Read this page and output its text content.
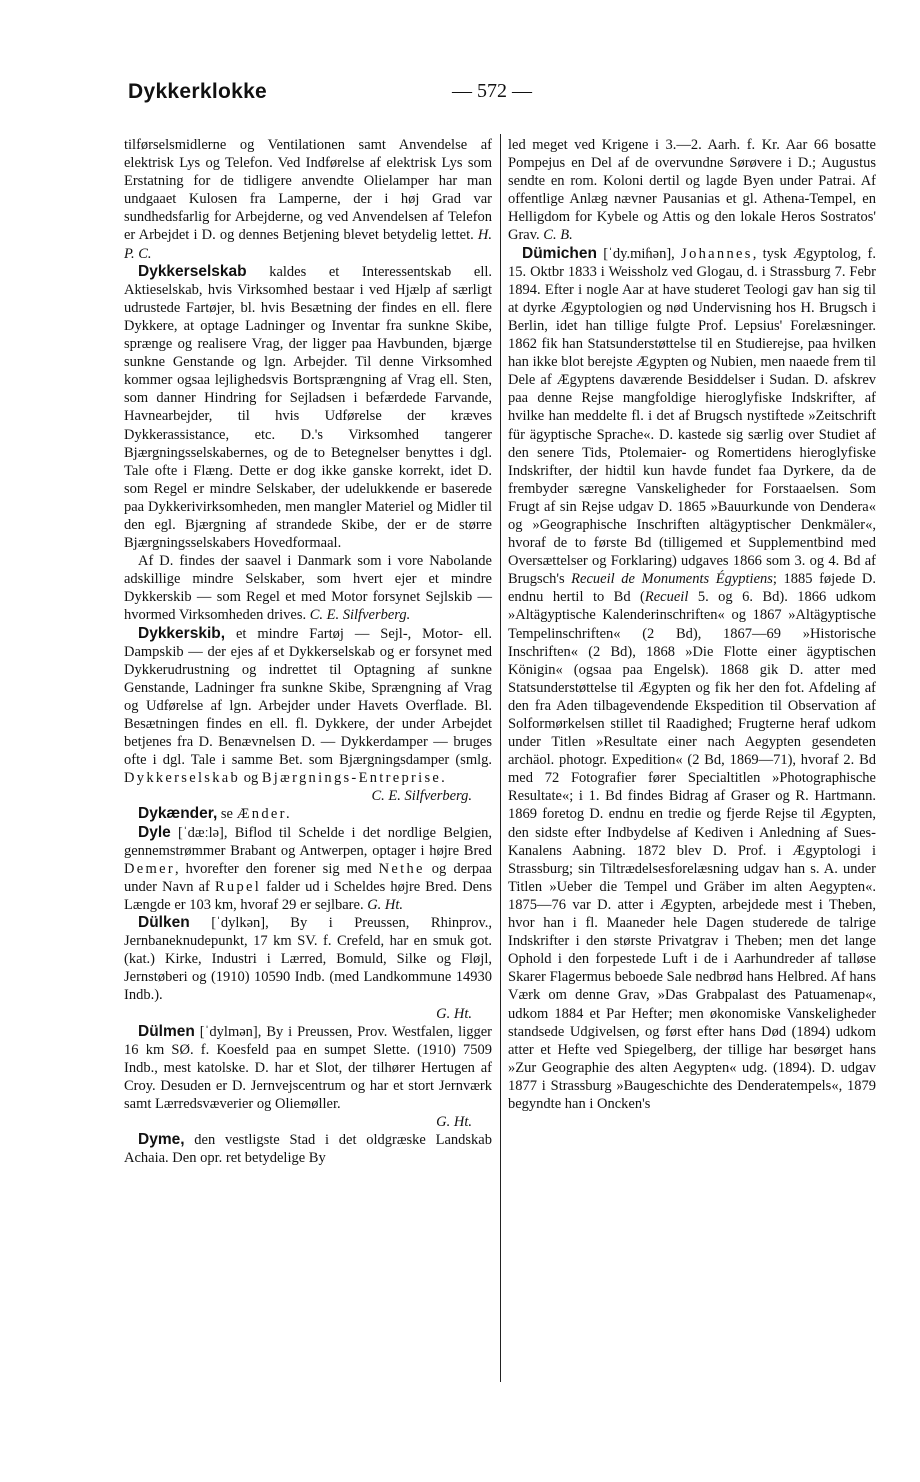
Dykkerklokke	— 572 —

tilførselsmidlerne og Ventilationen samt Anvendelse af elektrisk Lys og Telefon. Ved Indførelse af elektrisk Lys som Erstatning for de tidligere anvendte Olielamper har man undgaaet Kulosen fra Lamperne, der i høj Grad var sundhedsfarlig for Arbejderne, og ved Anvendelsen af Telefon er Arbejdet i D. og dennes Betjening blevet betydelig lettet. H. P. C.

Dykkerselskab kaldes et Interessentskab ell. Aktieselskab, hvis Virksomhed bestaar i ved Hjælp af særligt udrustede Fartøjer, bl. hvis Besætning der findes en ell. flere Dykkere, at optage Ladninger og Inventar fra sunkne Skibe, sprænge og realisere Vrag, der ligger paa Havbunden, bjærge sunkne Genstande og lgn. Arbejder. Til denne Virksomhed kommer ogsaa lejlighedsvis Bortsprængning af Vrag ell. Sten, som danner Hindring for Sejladsen i befærdede Farvande, Havnearbejder, til hvis Udførelse der kræves Dykkerassistance, etc. D.'s Virksomhed tangerer Bjærgningsselskabernes, og de to Betegnelser benyttes i dgl. Tale ofte i Flæng. Dette er dog ikke ganske korrekt, idet D. som Regel er mindre Selskaber, der udelukkende er baserede paa Dykkerivirksomheden, men mangler Materiel og Midler til den egl. Bjærgning af strandede Skibe, der er de større Bjærgningsselskabers Hovedformaal.

Af D. findes der saavel i Danmark som i vore Nabolande adskillige mindre Selskaber, som hvert ejer et mindre Dykkerskib — som Regel et med Motor forsynet Sejlskib — hvormed Virksomheden drives. C. E. Silfverberg.

Dykkerskib, et mindre Fartøj — Sejl-, Motor- ell. Dampskib — der ejes af et Dykkerselskab og er forsynet med Dykkerudrustning og indrettet til Optagning af sunkne Genstande, Ladninger fra sunkne Skibe, Sprængning af Vrag og Udførelse af lgn. Arbejder under Havets Overflade. Bl. Besætningen findes en ell. fl. Dykkere, der under Arbejdet betjenes fra D. Benævnelsen D. — Dykkerdamper — bruges ofte i dgl. Tale i samme Bet. som Bjærgningsdamper (smlg. Dykkerselskab og Bjærgnings-Entreprise.
C. E. Silfverberg.

Dykænder, se Ænder.

Dyle [ˈdæːlə], Biflod til Schelde i det nordlige Belgien, gennemstrømmer Brabant og Antwerpen, optager i højre Bred Demer, hvorefter den forener sig med Nethe og derpaa under Navn af Rupel falder ud i Scheldes højre Bred. Dens Længde er 103 km, hvoraf 29 er sejlbare. G. Ht.

Dülken [ˈdylkən], By i Preussen, Rhinprov., Jernbaneknudepunkt, 17 km SV. f. Crefeld, har en smuk got. (kat.) Kirke, Industri i Lærred, Bomuld, Silke og Fløjl, Jernstøberi og (1910) 10590 Indb. (med Landkommune 14930 Indb.).
G. Ht.

Dülmen [ˈdylmən], By i Preussen, Prov. Westfalen, ligger 16 km SØ. f. Koesfeld paa en sumpet Slette. (1910) 7509 Indb., mest katolske. D. har et Slot, der tilhører Hertugen af Croy. Desuden er D. Jernvejscentrum og har et stort Jernværk samt Lærredsvæverier og Oliemøller.
G. Ht.

Dyme, den vestligste Stad i det oldgræske Landskab Achaia. Den opr. ret betydelige By

led meget ved Krigene i 3.—2. Aarh. f. Kr. Aar 66 bosatte Pompejus en Del af de overvundne Sørøvere i D.; Augustus sendte en rom. Koloni dertil og lagde Byen under Patrai. Af offentlige Anlæg nævner Pausanias et gl. Athena-Tempel, en Helligdom for Kybele og Attis og den lokale Heros Sostratos' Grav. C. B.

Dümichen [ˈdy.miɦən], Johannes, tysk Ægyptolog, f. 15. Oktbr 1833 i Weissholz ved Glogau, d. i Strassburg 7. Febr 1894. Efter i nogle Aar at have studeret Teologi gav han sig til at dyrke Ægyptologien og nød Undervisning hos H. Brugsch i Berlin, idet han tillige fulgte Prof. Lepsius' Forelæsninger. 1862 fik han Statsunderstøttelse til en Studierejse, paa hvilken han ikke blot berejste Ægypten og Nubien, men naaede frem til Dele af Ægyptens daværende Besiddelser i Sudan. D. afskrev paa denne Rejse mangfoldige hieroglyfiske Indskrifter, af hvilke han meddelte fl. i det af Brugsch nystiftede »Zeitschrift für ägyptische Sprache«. D. kastede sig særlig over Studiet af den senere Tids, Ptolemaier- og Romertidens hieroglyfiske Indskrifter, der hidtil kun havde fundet faa Dyrkere, da de frembyder særegne Vanskeligheder for Forstaaelsen. Som Frugt af sin Rejse udgav D. 1865 »Bauurkunde von Dendera« og »Geographische Inschriften altägyptischer Denkmäler«, hvoraf de to første Bd (tilligemed et Supplementbind med Oversættelser og Forklaring) udgaves 1866 som 3. og 4. Bd af Brugsch's Recueil de Monuments Égyptiens; 1885 føjede D. endnu hertil to Bd (Recueil 5. og 6. Bd). 1866 udkom »Altägyptische Kalenderinschriften« og 1867 »Altägyptische Tempelinschriften« (2 Bd), 1867—69 »Historische Inschriften« (2 Bd), 1868 »Die Flotte einer ägyptischen Königin« (ogsaa paa Engelsk). 1868 gik D. atter med Statsunderstøttelse til Ægypten og fik her den fot. Afdeling af den fra Aden tilbagevendende Ekspedition til Observation af Solformørkelsen stillet til Raadighed; Frugterne heraf udkom under Titlen »Resultate einer nach Aegypten gesendeten archäol. photogr. Expedition« (2 Bd, 1869—71), hvoraf 2. Bd med 72 Fotografier fører Specialtitlen »Photographische Resultate«; i 1. Bd findes Bidrag af Graser og R. Hartmann. 1869 foretog D. endnu en tredie og fjerde Rejse til Ægypten, den sidste efter Indbydelse af Kediven i Anledning af Sues-Kanalens Aabning. 1872 blev D. Prof. i Ægyptologi i Strassburg; sin Tiltrædelsesforelæsning udgav han s. A. under Titlen »Ueber die Tempel und Gräber im alten Aegypten«. 1875—76 var D. atter i Ægypten, arbejdede mest i Theben, hvor han i fl. Maaneder hele Dagen studerede de talrige Indskrifter i den største Privatgrav i Theben; men det lange Ophold i den forpestede Luft i de i Aarhundreder af talløse Skarer Flagermus beboede Sale nedbrød hans Helbred. Af hans Værk om denne Grav, »Das Grabpalast des Patuamenap«, udkom 1884 et Par Hefter; men økonomiske Vanskeligheder standsede Udgivelsen, og først efter hans Død (1894) udkom atter et Hefte ved Spiegelberg, der tillige har besørget hans »Zur Geographie des alten Aegypten« udg. (1894). D. udgav 1877 i Strassburg »Baugeschichte des Denderatempels«, 1879 begyndte han i Oncken's
